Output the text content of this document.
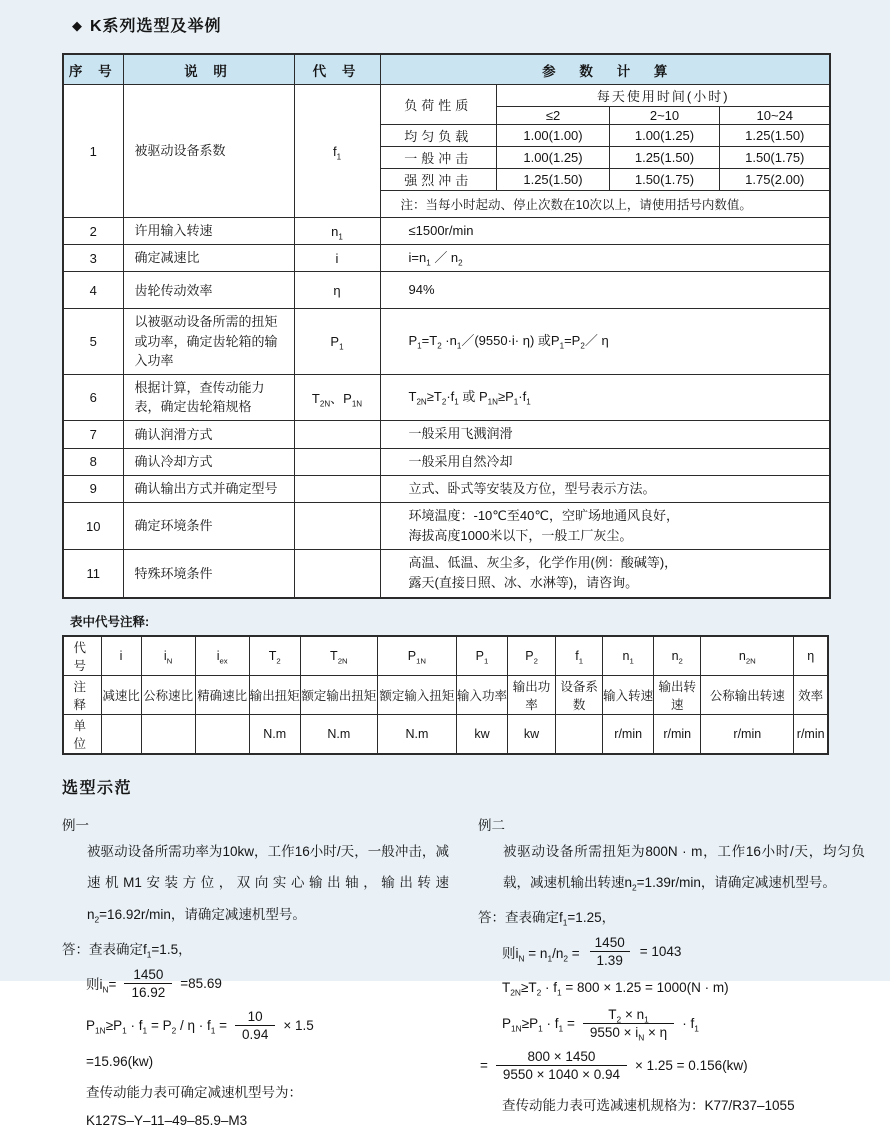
◆ K系列选型及举例
序 号	说 明	代 号	参 数 计 算
1	被驱动设备系数	$f_1$	
负荷性质	每天使用时间(小时)
≤2	2~10	10~24
均匀负载	1.00(1.00)	1.00(1.25)	1.25(1.50)
一般冲击	1.00(1.25)	1.25(1.50)	1.50(1.75)
强烈冲击	1.25(1.50)	1.50(1.75)	1.75(2.00)
注：当每小时起动、停止次数在10次以上，请使用括号内数值。

2	许用输入转速	$n_1$	≤1500r/min
3	确定减速比	i	$i=n_1$ ／ $n_2$
4	齿轮传动效率	η	94%
5	以被驱动设备所需的扭矩或功率，确定齿轮箱的输入功率	$P_1$	$P_1=T_2$ $\cdot n_1/(9550\cdot i\cdot \eta)$ 或$P_1=P_2/$ η
6	根据计算，查传动能力表，确定齿轮箱规格	$T_{2N}$、$P_{1N}$	$T_{2N}\ge T_2\cdot f_1$ 或 $P_{1N}\ge P_1\cdot f_1$
7	确认润滑方式		一般采用飞溅润滑
8	确认冷却方式		一般采用自然冷却
9	确认输出方式并确定型号		立式、卧式等安装及方位，型号表示方法。
10	确定环境条件		环境温度：-10℃至40℃，空旷场地通风良好，
海拔高度1000米以下，一般工厂灰尘。
11	特殊环境条件		高温、低温、灰尘多，化学作用(例：酸碱等)，
露天(直接日照、冰、水淋等)，请咨询。
表中代号注释:
代 号	i	$i_N$	$i_{ex}$	$T_2$	$T_{2N}$	$P_{1N}$	$P_1$	$P_2$	$f_1$	$n_1$	$n_2$	$n_{2N}$	η
注 释	减速比	公称速比	精确速比	输出扭矩	额定输出扭矩	额定输入扭矩	输入功率	输出功率	设备系数	输入转速	输出转速	公称输出转速	效率
单 位				N.m	N.m	N.m	kw	kw		r/min	r/min	r/min	r/min
选型示范
例一
被驱动设备所需功率为10kw，工作16小时/天，一般冲击，减速机M1安装方位，双向实心输出轴，输出转速$n_2=16.92r/\min$，请确定减速机型号。
答：查表确定$f_1=1.5$，
则$i_N= \frac{1450}{16.92} =85.69$
$P_{1N}\ge P_1 \cdot f_1 = P_2 / \eta \cdot f_1 = \frac{10}{0.94} \times 1.5$
=15.96(kw)
查传动能力表可确定减速机型号为：
K127S–Y–11–49–85.9–M3
例二
被驱动设备所需扭矩为800N · m，工作16小时/天，均匀负载，减速机输出转速$n_2=1.39r/\min$，请确定减速机型号。
答：查表确定$f_1=1.25$，
则$i_N = n_1/n_2 = \frac{1450}{1.39} = 1043$
$T_{2N}\ge T_2 \cdot f_1 = 800 \times 1.25 = 1000(N \cdot m)$
$P_{1N}\ge P_1 \cdot f_1 = \frac{T_2 \times n_1}{9550 \times i_N \times \eta} \cdot f_1$
= $\frac{800 \times 1450}{9550 \times 1040 \times 0.94} \times 1.25 = 0.156(kw)$
查传动能力表可选减速机规格为：K77/R37–1055
